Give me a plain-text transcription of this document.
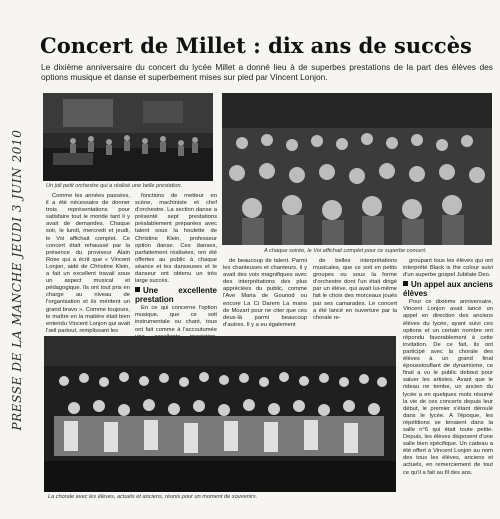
PRESSE DE LA MANCHE JEUDI 3 JUIN 2010
Concert de Millet : dix ans de succès
Le dixième anniversaire du concert du lycée Millet a donné lieu à de superbes prestations de la part des élèves des options musique et danse et superbement mises sur pied par Vincent Lonjon.
Un joli petit orchestre qui a réalisé une belle prestation.
A chaque soirée, le Voi affichait complet pour ce superbe concert.

Comme les années passées, il a été nécessaire de donner trois représentations pour satisfaire tout le monde tant il y avait de demandes. Chaque soir, le lundi, mercredi et jeudi, le Voi affichait complet. Ce concert était rehaussé par la présence du proviseur Alain Rose qui a écrit que « Vincent Lonjon, aidé de Christine Klein, a fait un excellent travail sous un aspect musical et pédagogique. Ils ont tout pris en charge au niveau de l'organisation et ils méritent un grand bravo ». Comme toujours, le maître en la matière était bien entendu Vincent Lonjon qui avait l'œil partout, remplissant les

fonctions de metteur en scène, machiniste et chef d'orchestre. La section danse a présenté sept prestations préalablement préparées avec talent sous la houlette de Christine Klein, professeur option danse. Ces danses, parfaitement réalisées, ont été offertes au public à chaque séance et les danseuses et le danseur ont obtenu un très large succès.

Une excellente prestation

En ce qui concerne l'option musique, que ce soit instrumentale ou chant, tous ont fait comme à l'accoutumée

de beaucoup de talent. Parmi les chanteuses et chanteurs, il y avait des voix magnifiques avec des interprétations des plus appréciées du public, comme l'Ave Maria de Gounod ou encore La Ci Darem La mano de Mozart pour ne citer que ces deux-là parmi beaucoup d'autres. Il y a eu également

de belles interprétations musicales, que ce soit en petits groupes ou sous la forme d'orchestre dont l'un était dirigé par un élève, qui avait lui-même fait le choix des morceaux joués par ses camarades. Le concert a été lancé en ouverture par la chorale re-

groupant tous les élèves qui ont interprété Black is the colour suivi d'un superbe gospel Jubilate Deo.

Un appel aux anciens élèves

Pour ce dixième anniversaire, Vincent Lonjon avait lancé un appel en direction des anciens élèves du lycée, ayant suivi ces options et un certain nombre ont répondu favorablement à cette invitation. De ce fait, ils ont participé avec la chorale des élèves à un grand final épousstouflant de dynamisme, ce final a vu le public debout pour saluer les artistes. Avant que le rideau ne tombe, un ancien du lycée a en quelques mots résumé la vie de ces concerts depuis leur début, le premier s'étant déroulé dans le lycée. A l'époque, les répétitions se tenaient dans la salle n°6 qui était toute petite. Depuis, les élèves disposent d'une salle bien spécifique. Un cadeau a été offert à Vincent Lonjon au nom des tous les élèves, anciens et actuels, en remerciement de tout ce qu'il a fait au fil des ans.

La chorale avec les élèves, actuels et anciens, réunis pour un moment de souvenirs.
